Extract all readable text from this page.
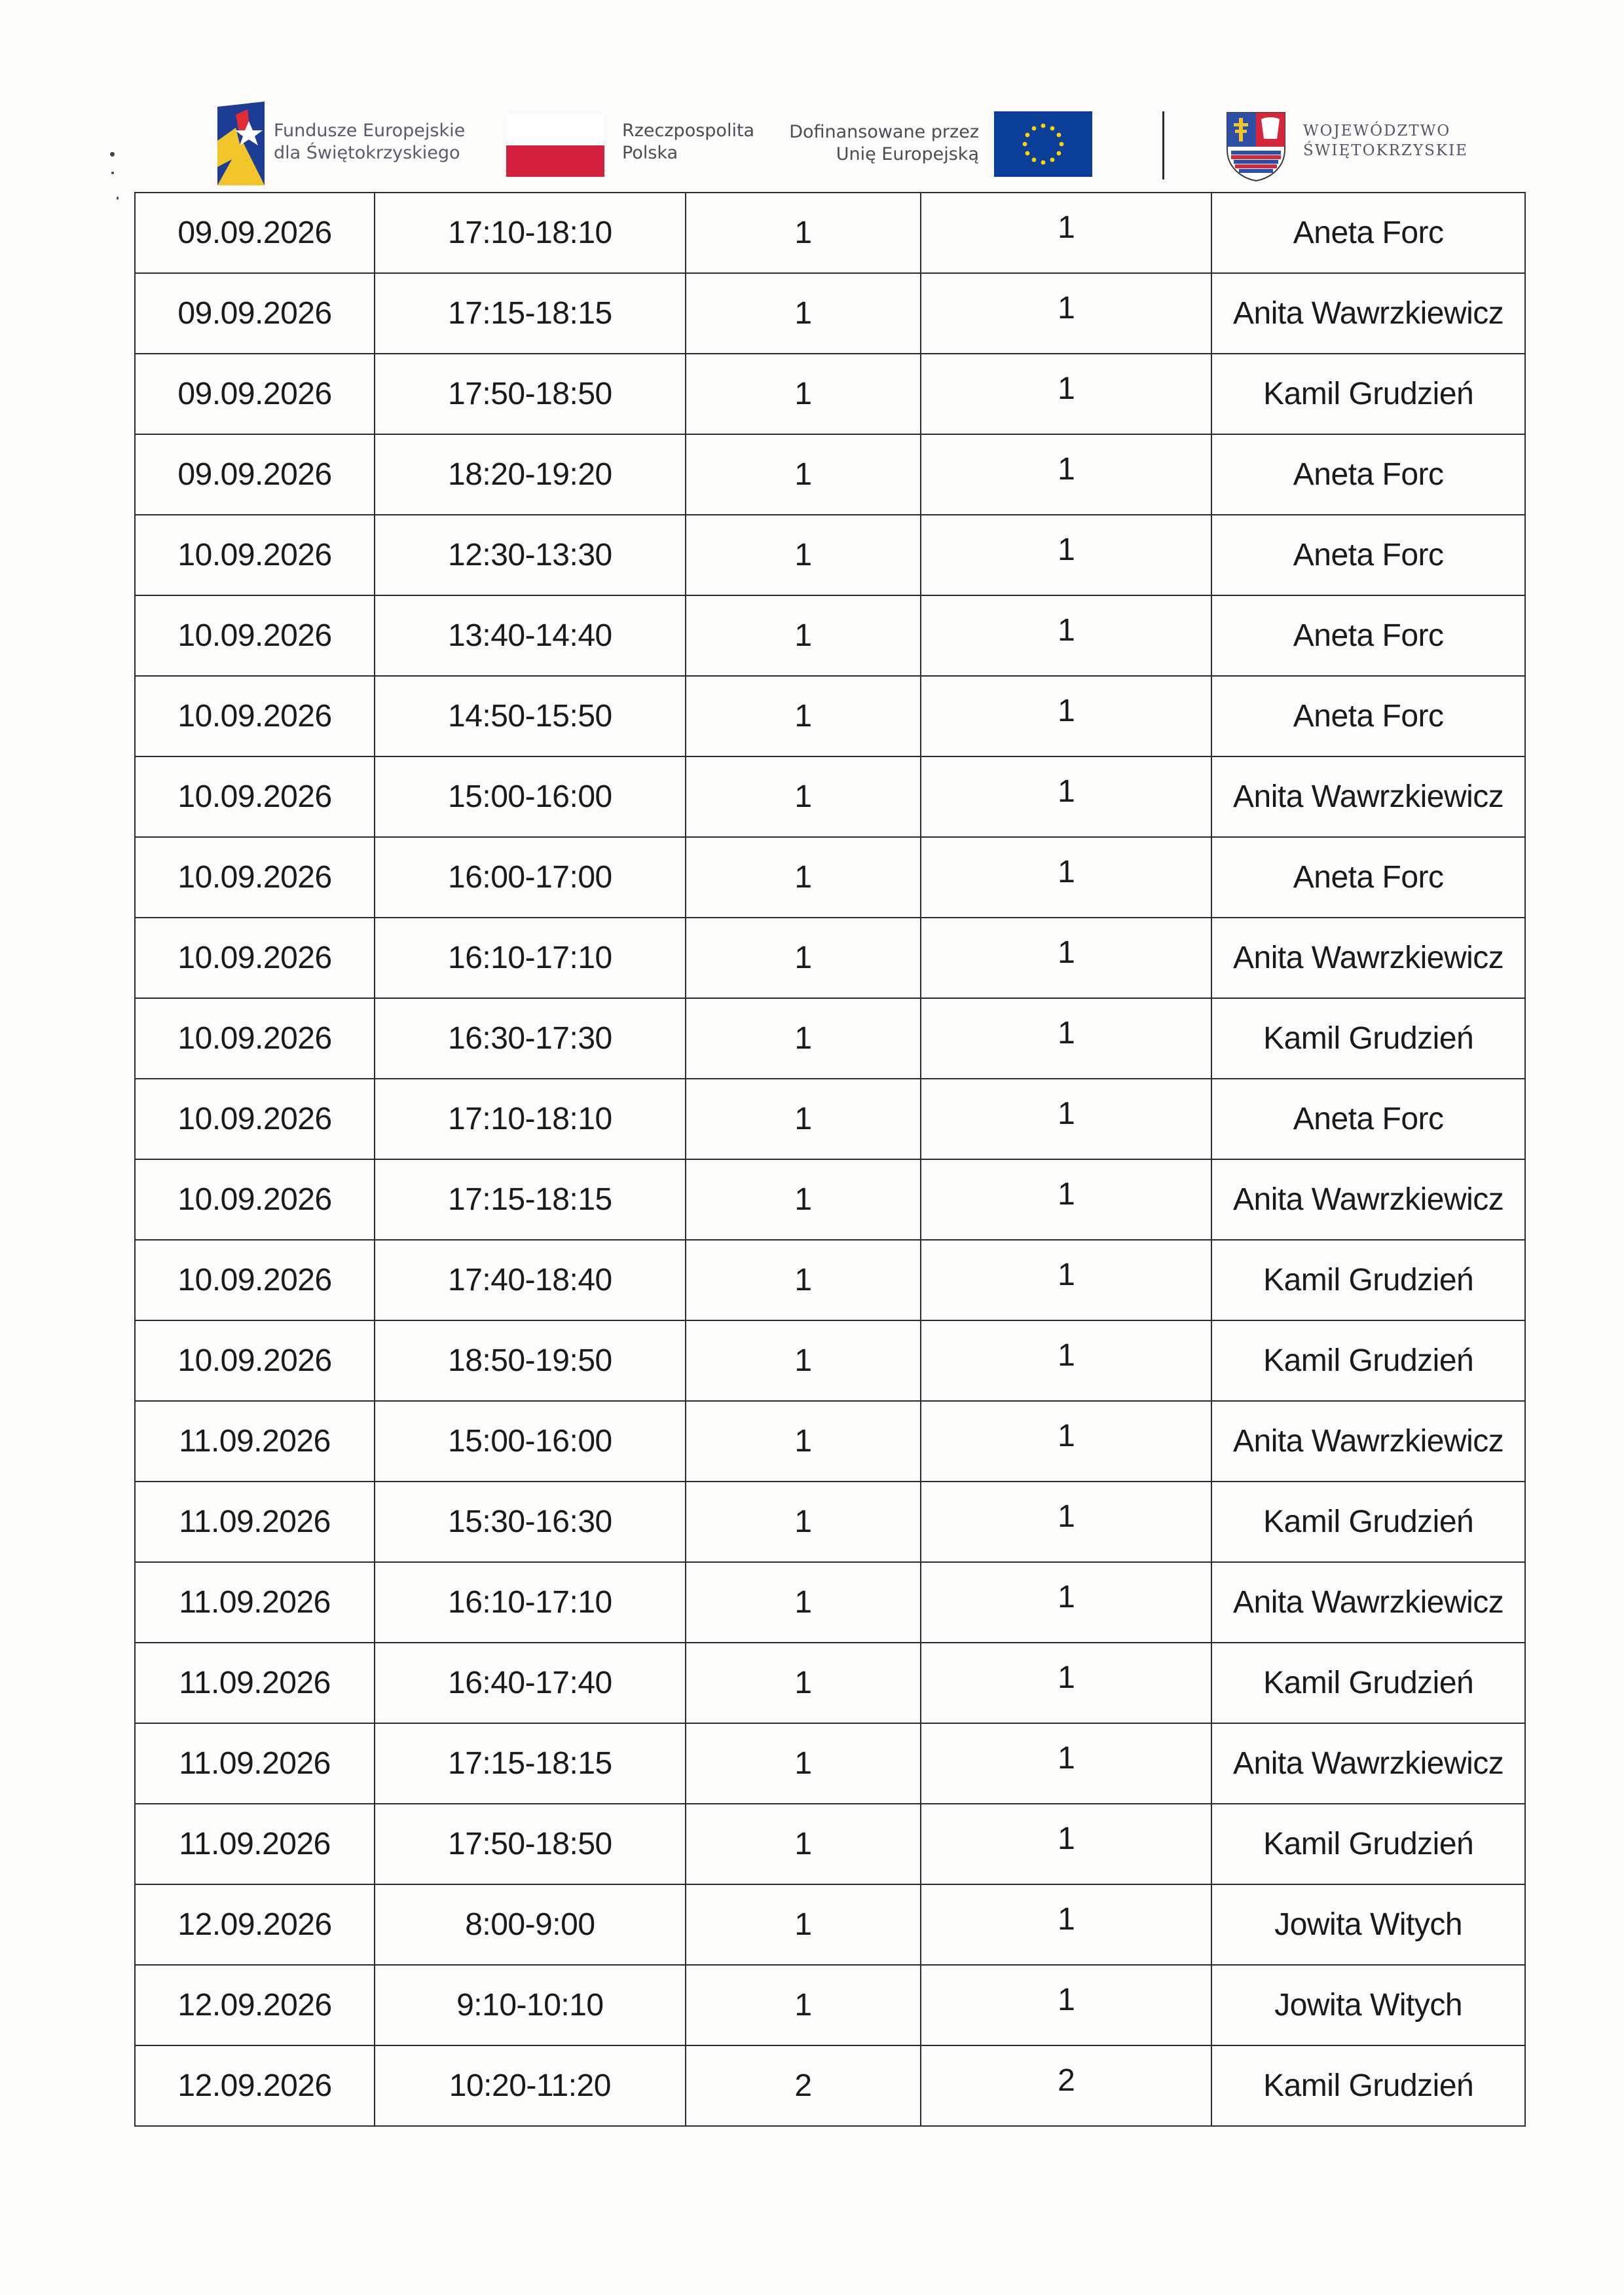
Fundusze Europejskie
dla Świętokrzyskiego
Rzeczpospolita
Polska
Dofinansowane przez
Unię Europejską
WOJEWÓDZTWO
ŚWIĘTOKRZYSKIE
09.09.2026	17:10-18:10	1	1	Aneta Forc
09.09.2026	17:15-18:15	1	1	Anita Wawrzkiewicz
09.09.2026	17:50-18:50	1	1	Kamil Grudzień
09.09.2026	18:20-19:20	1	1	Aneta Forc
10.09.2026	12:30-13:30	1	1	Aneta Forc
10.09.2026	13:40-14:40	1	1	Aneta Forc
10.09.2026	14:50-15:50	1	1	Aneta Forc
10.09.2026	15:00-16:00	1	1	Anita Wawrzkiewicz
10.09.2026	16:00-17:00	1	1	Aneta Forc
10.09.2026	16:10-17:10	1	1	Anita Wawrzkiewicz
10.09.2026	16:30-17:30	1	1	Kamil Grudzień
10.09.2026	17:10-18:10	1	1	Aneta Forc
10.09.2026	17:15-18:15	1	1	Anita Wawrzkiewicz
10.09.2026	17:40-18:40	1	1	Kamil Grudzień
10.09.2026	18:50-19:50	1	1	Kamil Grudzień
11.09.2026	15:00-16:00	1	1	Anita Wawrzkiewicz
11.09.2026	15:30-16:30	1	1	Kamil Grudzień
11.09.2026	16:10-17:10	1	1	Anita Wawrzkiewicz
11.09.2026	16:40-17:40	1	1	Kamil Grudzień
11.09.2026	17:15-18:15	1	1	Anita Wawrzkiewicz
11.09.2026	17:50-18:50	1	1	Kamil Grudzień
12.09.2026	8:00-9:00	1	1	Jowita Witych
12.09.2026	9:10-10:10	1	1	Jowita Witych
12.09.2026	10:20-11:20	2	2	Kamil Grudzień
